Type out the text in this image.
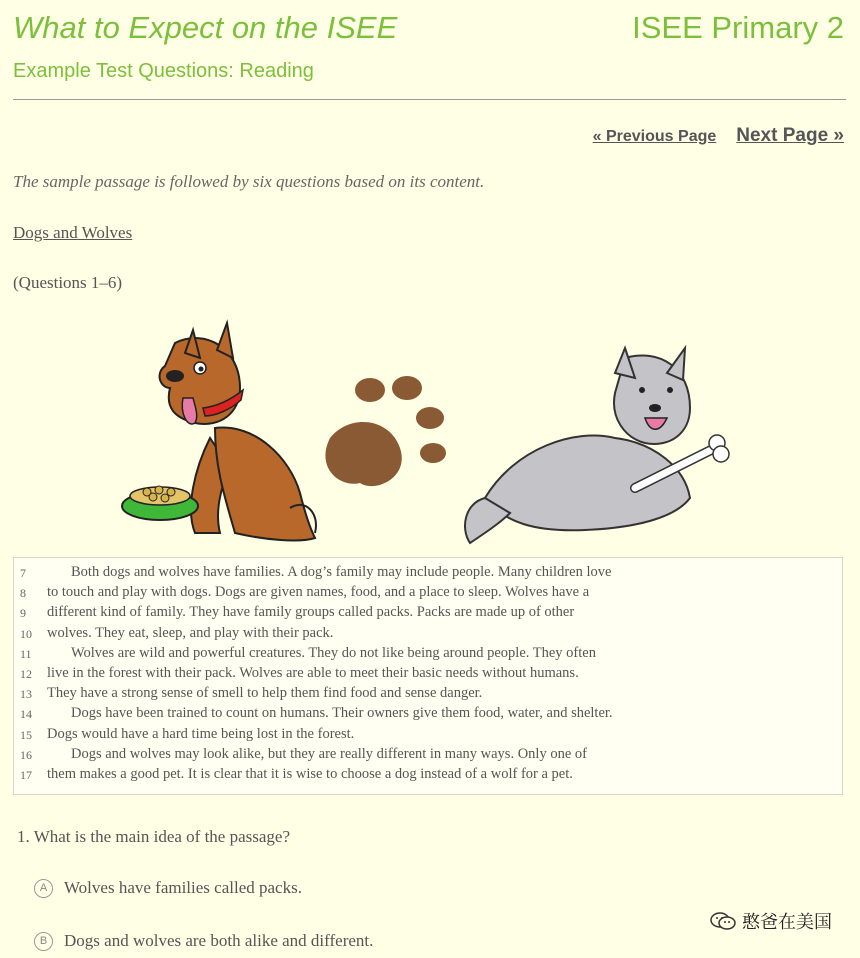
What to Expect on the ISEE	ISEE Primary 2
Example Test Questions: Reading
« Previous Page Next Page »
The sample passage is followed by six questions based on its content.
Dogs and Wolves
(Questions 1–6)
7	Both dogs and wolves have families. A dog’s family may include people. Many children love
8	to touch and play with dogs. Dogs are given names, food, and a place to sleep. Wolves have a
9	different kind of family. They have family groups called packs. Packs are made up of other
10	wolves. They eat, sleep, and play with their pack.
11	Wolves are wild and powerful creatures. They do not like being around people. They often
12	live in the forest with their pack. Wolves are able to meet their basic needs without humans.
13	They have a strong sense of smell to help them find food and sense danger.
14	Dogs have been trained to count on humans. Their owners give them food, water, and shelter.
15	Dogs would have a hard time being lost in the forest.
16	Dogs and wolves may look alike, but they are really different in many ways. Only one of
17	them makes a good pet. It is clear that it is wise to choose a dog instead of a wolf for a pet.
1. What is the main idea of the passage?
A Wolves have families called packs.
B Dogs and wolves are both alike and different.
憨爸在美国
